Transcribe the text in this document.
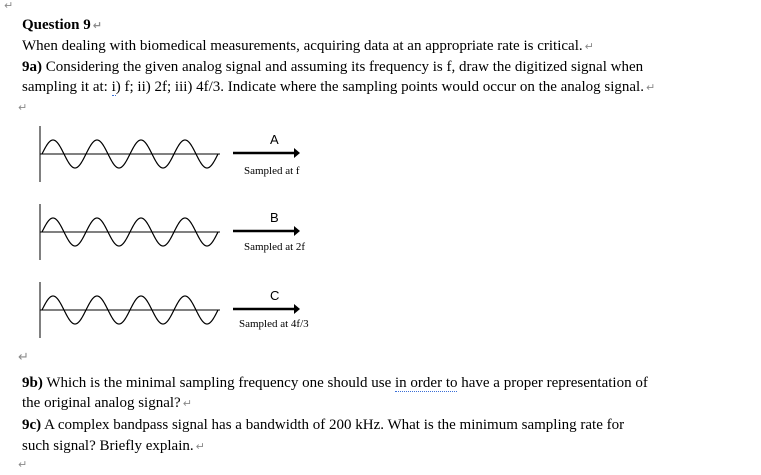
↵
↵
↵
↵
Question 9 ↵
When dealing with biomedical measurements, acquiring data at an appropriate rate is critical. ↵
9a) Considering the given analog signal and assuming its frequency is f, draw the digitized signal when
sampling it at: i) f; ii) 2f; iii) 4f/3. Indicate where the sampling points would occur on the analog signal. ↵
A
Sampled at f
B
Sampled at 2f
C
Sampled at 4f/3
9b) Which is the minimal sampling frequency one should use in order to have a proper representation of
the original analog signal? ↵
9c) A complex bandpass signal has a bandwidth of 200 kHz. What is the minimum sampling rate for
such signal? Briefly explain. ↵
